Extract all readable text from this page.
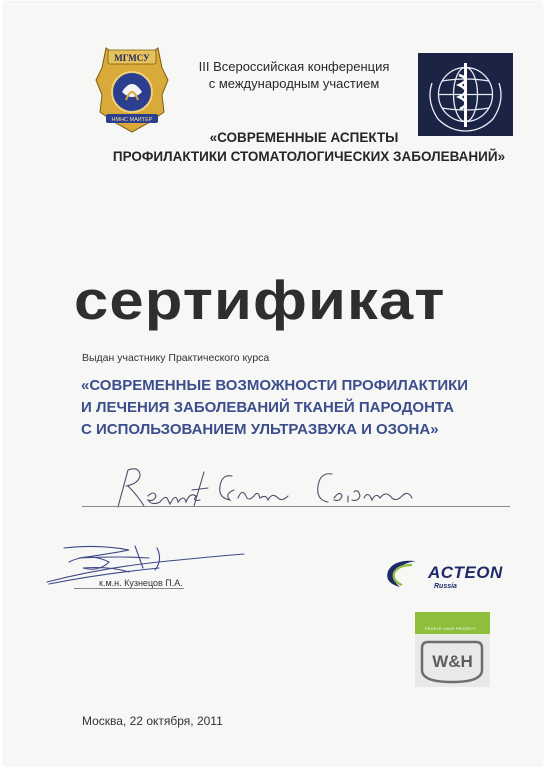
МГМСУ
НМНС МАИТЕР
III Всероссийская конференция
с международным участием
«СОВРЕМЕННЫЕ АСПЕКТЫ
ПРОФИЛАКТИКИ СТОМАТОЛОГИЧЕСКИХ ЗАБОЛЕВАНИЙ»
сертификат
Выдан участнику Практического курса
«СОВРЕМЕННЫЕ ВОЗМОЖНОСТИ ПРОФИЛАКТИКИ
И ЛЕЧЕНИЯ ЗАБОЛЕВАНИЙ ТКАНЕЙ ПАРОДОНТА
С ИСПОЛЬЗОВАНИЕМ УЛЬТРАЗВУКА И ОЗОНА»
к.м.н. Кузнецов П.А.
ACTEON
Russia
PEOPLE HAVE PRIORITY
W&H
Москва, 22 октября, 2011
